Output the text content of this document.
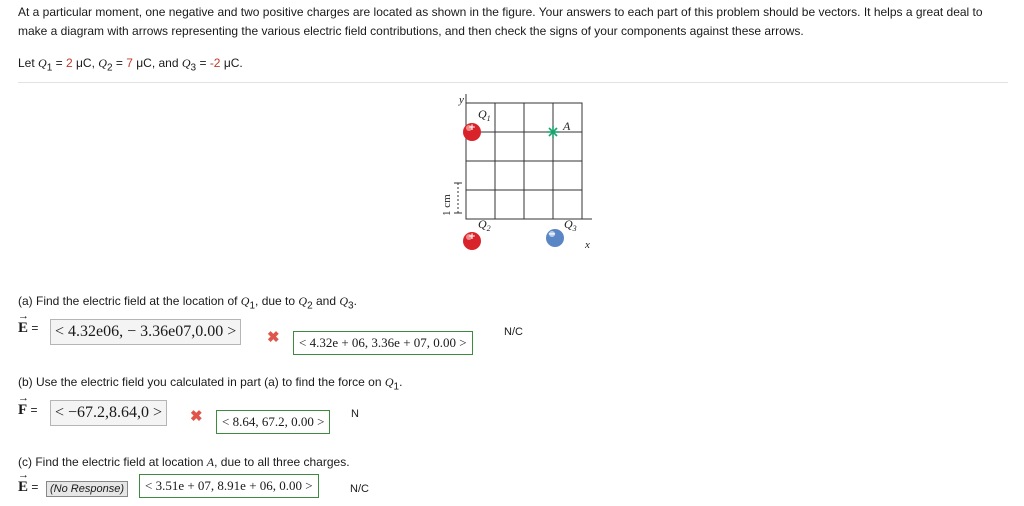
At a particular moment, one negative and two positive charges are located as shown in the figure. Your answers to each part of this problem should be vectors. It helps a great deal to make a diagram with arrows representing the various electric field contributions, and then check the signs of your components against these arrows.
Let $Q_1 = 2$ μC, $Q_2 = 7$ μC, and $Q_3 = -2$ μC.
y
x
1 cm
$Q_1$
+	A
$Q_2$
+
$Q_3$
−
(a) Find the electric field at the location of $Q_1$, due to $Q_2$ and $Q_3$.
→
E =	< 4.32e06, − 3.36e07,0.00 >	✖	< 4.32e + 06, 3.36e + 07, 0.00 >
N/C
(b) Use the electric field you calculated in part (a) to find the force on $Q_1$.
→
F =	< −67.2,8.64,0 >	✖	< 8.64, 67.2, 0.00 >	N
(c) Find the electric field at location A, due to all three charges.
→
E =	(No Response)	< 3.51e + 07, 8.91e + 06, 0.00 >	N/C
